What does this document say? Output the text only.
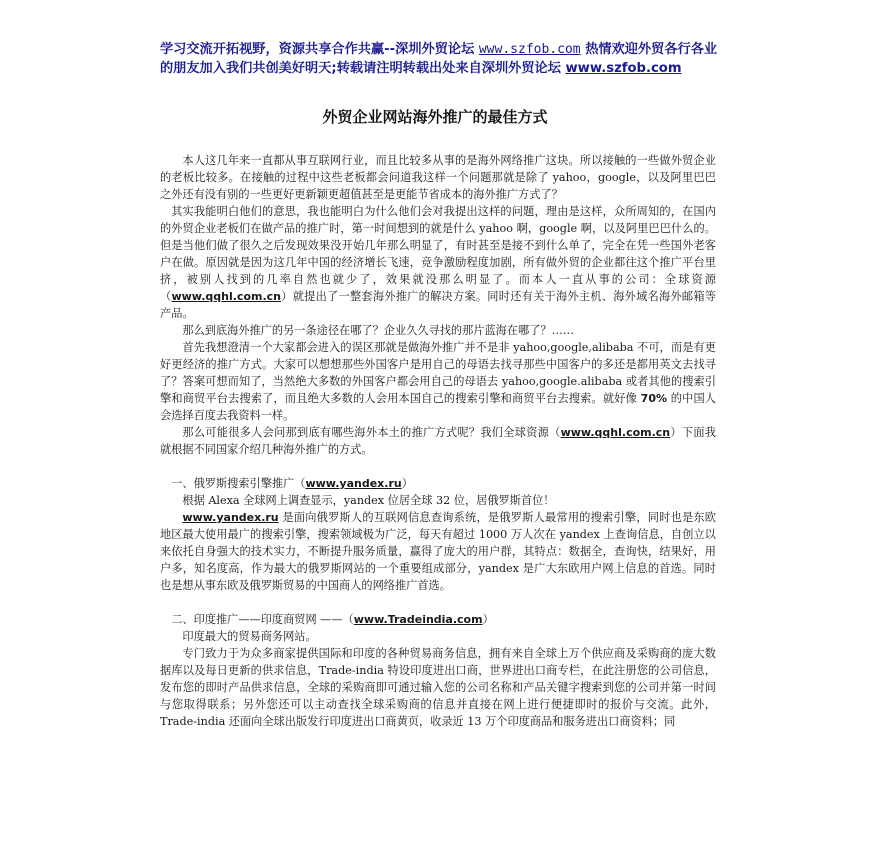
学习交流开拓视野，资源共享合作共赢--深圳外贸论坛 www.szfob.com 热情欢迎外贸各行各业的朋友加入我们共创美好明天;转载请注明转载出处来自深圳外贸论坛 www.szfob.com
外贸企业网站海外推广的最佳方式

本人这几年来一直都从事互联网行业，而且比较多从事的是海外网络推广这块。所以接触的一些做外贸企业的老板比较多。在接触的过程中这些老板都会问道我这样一个问题那就是除了 yahoo，google，以及阿里巴巴之外还有没有别的一些更好更新颖更超值甚至是更能节省成本的海外推广方式了？

其实我能明白他们的意思，我也能明白为什么他们会对我提出这样的问题，理由是这样，众所周知的，在国内的外贸企业老板们在做产品的推广时，第一时间想到的就是什么 yahoo 啊，google 啊，以及阿里巴巴什么的。但是当他们做了很久之后发现效果没开始几年那么明显了，有时甚至是接不到什么单了，完全在凭一些国外老客户在做。原因就是因为这几年中国的经济增长飞速，竞争激励程度加剧，所有做外贸的企业都往这个推广平台里挤，被别人找到的几率自然也就少了，效果就没那么明显了。而本人一直从事的公司：全球资源（www.qqhl.com.cn）就提出了一整套海外推广的解决方案。同时还有关于海外主机、海外域名海外邮箱等产品。

那么到底海外推广的另一条途径在哪了？企业久久寻找的那片蓝海在哪了？……

首先我想澄清一个大家都会进入的误区那就是做海外推广并不是非 yahoo,google,alibaba 不可，而是有更好更经济的推广方式。大家可以想想那些外国客户是用自己的母语去找寻那些中国客户的多还是都用英文去找寻了？答案可想而知了，当然绝大多数的外国客户都会用自己的母语去 yahoo,google.alibaba 或者其他的搜索引擎和商贸平台去搜索了，而且绝大多数的人会用本国自己的搜索引擎和商贸平台去搜索。就好像 70% 的中国人会选择百度去我资料一样。

那么可能很多人会问那到底有哪些海外本土的推广方式呢？我们全球资源（www.qqhl.com.cn）下面我就根据不同国家介绍几种海外推广的方式。

一、俄罗斯搜索引擎推广（www.yandex.ru）

根据 Alexa 全球网上调查显示，yandex 位居全球 32 位，居俄罗斯首位！

www.yandex.ru 是面向俄罗斯人的互联网信息查询系统，是俄罗斯人最常用的搜索引擎，同时也是东欧地区最大使用最广的搜索引擎，搜索领域极为广泛，每天有超过 1000 万人次在 yandex 上查询信息，自创立以来依托自身强大的技术实力，不断提升服务质量，赢得了庞大的用户群，其特点：数据全，查询快，结果好，用户多，知名度高，作为最大的俄罗斯网站的一个重要组成部分，yandex 是广大东欧用户网上信息的首选。同时也是想从事东欧及俄罗斯贸易的中国商人的网络推广首选。

二、印度推广——印度商贸网 ——（www.Tradeindia.com）

印度最大的贸易商务网站。

专门致力于为众多商家提供国际和印度的各种贸易商务信息，拥有来自全球上万个供应商及采购商的庞大数据库以及每日更新的供求信息，Trade-india 特设印度进出口商，世界进出口商专栏，在此注册您的公司信息，发布您的即时产品供求信息，全球的采购商即可通过输入您的公司名称和产品关键字搜索到您的公司并第一时间与您取得联系；另外您还可以主动查找全球采购商的信息并直接在网上进行便捷即时的报价与交流。此外，Trade-india 还面向全球出版发行印度进出口商黄页，收录近 13 万个印度商品和服务进出口商资料；同
